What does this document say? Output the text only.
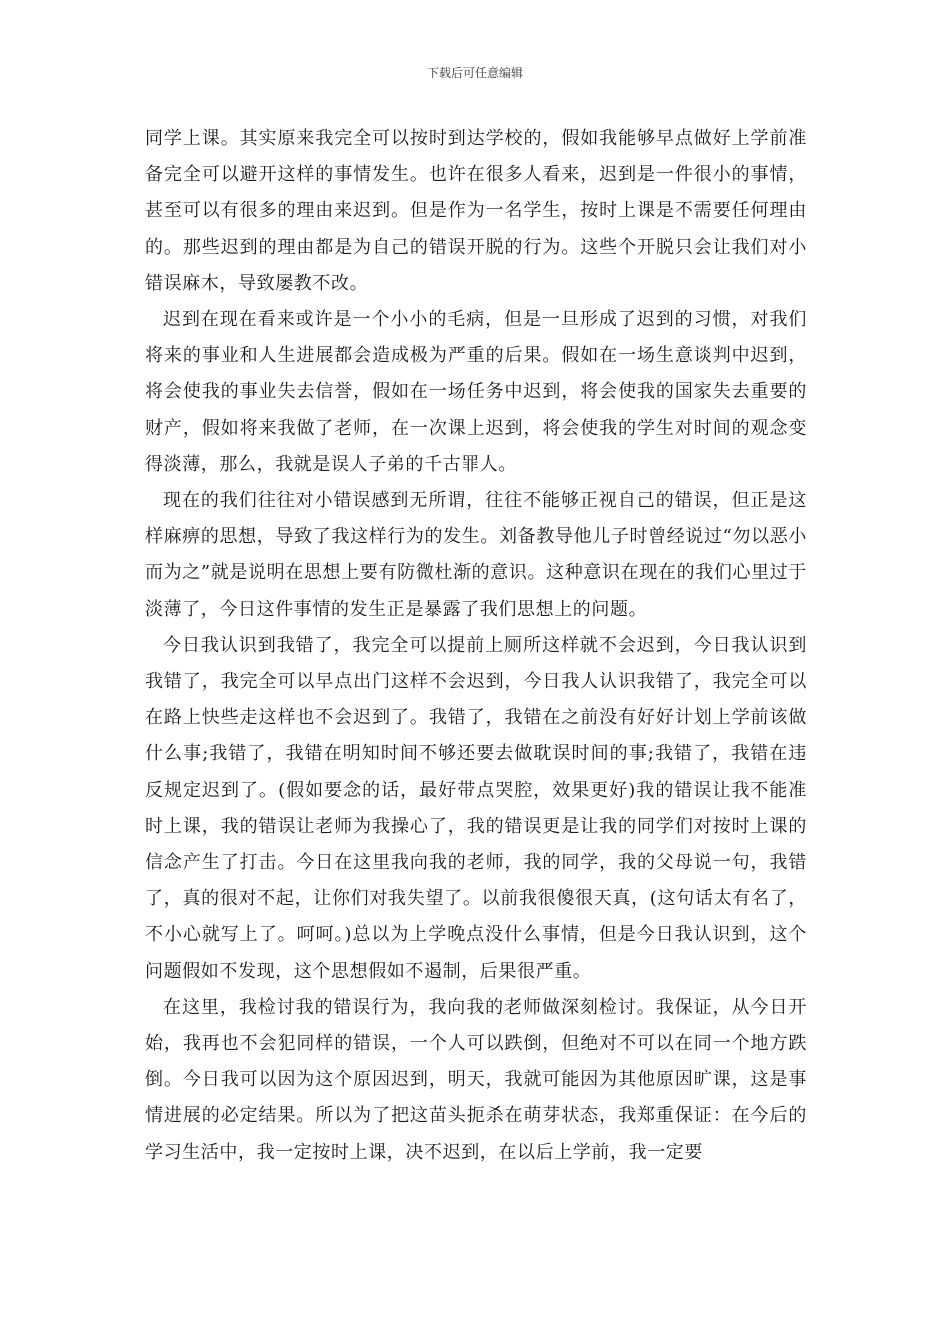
下载后可任意编辑

同学上课。其实原来我完全可以按时到达学校的，假如我能够早点做好上学前准备完全可以避开这样的事情发生。也许在很多人看来，迟到是一件很小的事情，甚至可以有很多的理由来迟到。但是作为一名学生，按时上课是不需要任何理由的。那些迟到的理由都是为自己的错误开脱的行为。这些个开脱只会让我们对小错误麻木，导致屡教不改。

迟到在现在看来或许是一个小小的毛病，但是一旦形成了迟到的习惯，对我们将来的事业和人生进展都会造成极为严重的后果。假如在一场生意谈判中迟到，将会使我的事业失去信誉，假如在一场任务中迟到，将会使我的国家失去重要的财产，假如将来我做了老师，在一次课上迟到，将会使我的学生对时间的观念变得淡薄，那么，我就是误人子弟的千古罪人。

现在的我们往往对小错误感到无所谓，往往不能够正视自己的错误，但正是这样麻痹的思想，导致了我这样行为的发生。刘备教导他儿子时曾经说过“勿以恶小而为之”就是说明在思想上要有防微杜渐的意识。这种意识在现在的我们心里过于淡薄了，今日这件事情的发生正是暴露了我们思想上的问题。

今日我认识到我错了，我完全可以提前上厕所这样就不会迟到，今日我认识到我错了，我完全可以早点出门这样不会迟到，今日我人认识我错了，我完全可以在路上快些走这样也不会迟到了。我错了，我错在之前没有好好计划上学前该做什么事;我错了，我错在明知时间不够还要去做耽误时间的事;我错了，我错在违反规定迟到了。(假如要念的话，最好带点哭腔，效果更好)我的错误让我不能准时上课，我的错误让老师为我操心了，我的错误更是让我的同学们对按时上课的信念产生了打击。今日在这里我向我的老师，我的同学，我的父母说一句，我错了，真的很对不起，让你们对我失望了。以前我很傻很天真，(这句话太有名了，不小心就写上了。呵呵。)总以为上学晚点没什么事情，但是今日我认识到，这个问题假如不发现，这个思想假如不遏制，后果很严重。

在这里，我检讨我的错误行为，我向我的老师做深刻检讨。我保证，从今日开始，我再也不会犯同样的错误，一个人可以跌倒，但绝对不可以在同一个地方跌倒。今日我可以因为这个原因迟到，明天，我就可能因为其他原因旷课，这是事情进展的必定结果。所以为了把这苗头扼杀在萌芽状态，我郑重保证：在今后的学习生活中，我一定按时上课，决不迟到，在以后上学前，我一定要
